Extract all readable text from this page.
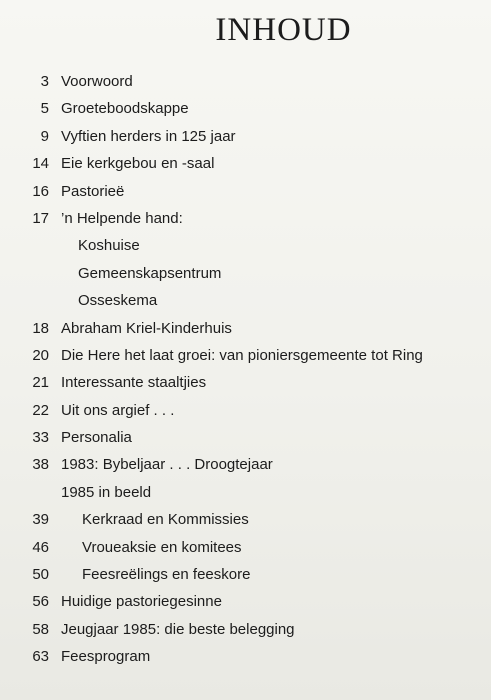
INHOUD
3 Voorwoord
5 Groeteboodskappe
9 Vyftien herders in 125 jaar
14 Eie kerkgebou en -saal
16 Pastorieë
17 ’n Helpende hand:
Koshuise
Gemeenskapsentrum
Osseskema
18 Abraham Kriel-Kinderhuis
20 Die Here het laat groei: van pioniersgemeente tot Ring
21 Interessante staaltjies
22 Uit ons argief . . .
33 Personalia
38 1983: Bybeljaar . . . Droogtejaar
1985 in beeld
39 Kerkraad en Kommissies
46 Vroueaksie en komitees
50 Feesreëlings en feeskore
56 Huidige pastoriegesinne
58 Jeugjaar 1985: die beste belegging
63 Feesprogram
